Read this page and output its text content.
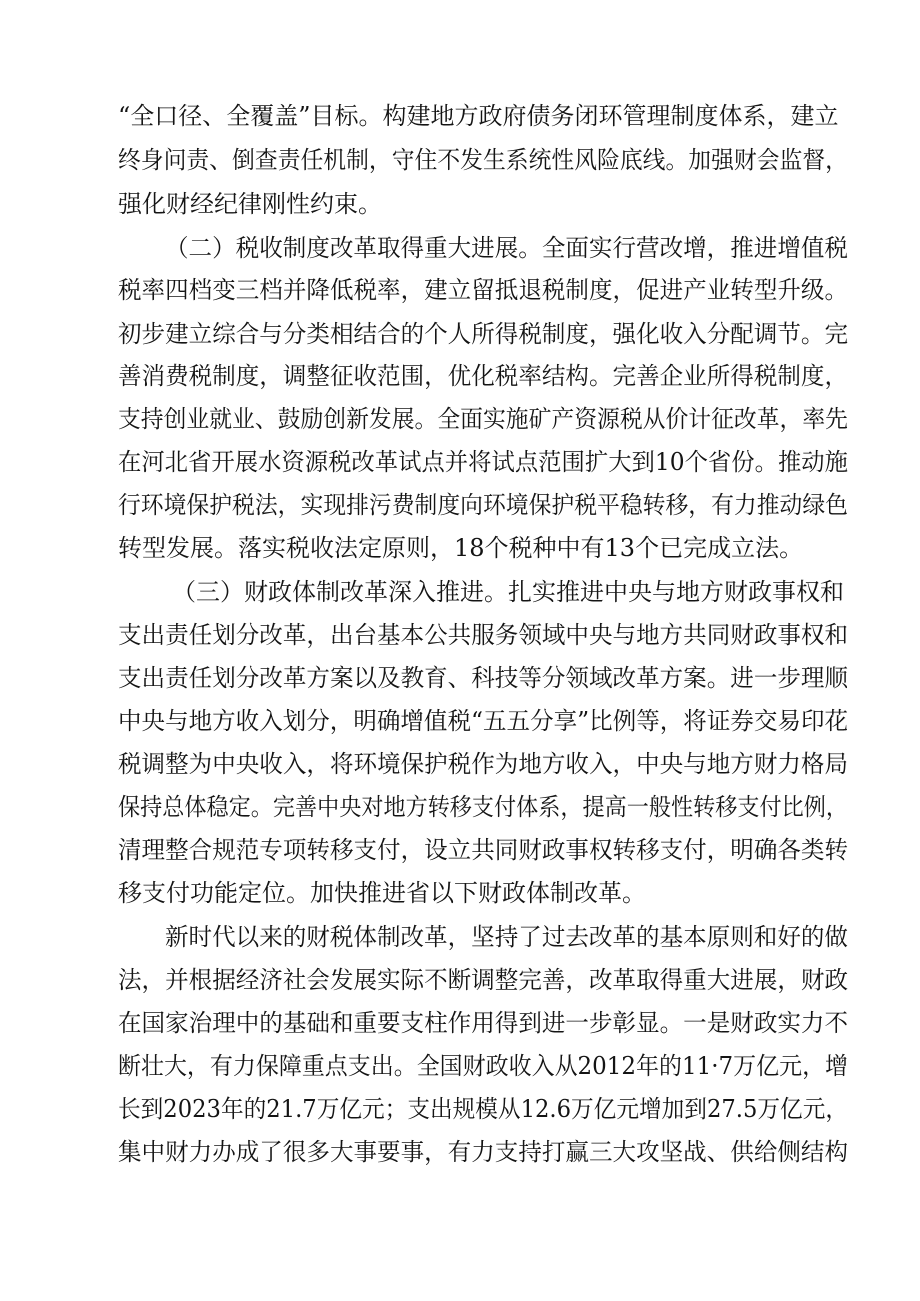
“全口径、全覆盖”目标。构建地方政府债务闭环管理制度体系，建立
终身问责、倒查责任机制，守住不发生系统性风险底线。加强财会监督，
强化财经纪律刚性约束。
（二）税收制度改革取得重大进展。全面实行营改增，推进增值税
税率四档变三档并降低税率，建立留抵退税制度，促进产业转型升级。
初步建立综合与分类相结合的个人所得税制度，强化收入分配调节。完
善消费税制度，调整征收范围，优化税率结构。完善企业所得税制度，
支持创业就业、鼓励创新发展。全面实施矿产资源税从价计征改革，率先
在河北省开展水资源税改革试点并将试点范围扩大到10个省份。推动施
行环境保护税法，实现排污费制度向环境保护税平稳转移，有力推动绿色
转型发展。落实税收法定原则，18个税种中有13个已完成立法。
（三）财政体制改革深入推进。扎实推进中央与地方财政事权和
支出责任划分改革，出台基本公共服务领域中央与地方共同财政事权和
支出责任划分改革方案以及教育、科技等分领域改革方案。进一步理顺
中央与地方收入划分，明确增值税“五五分享”比例等，将证券交易印花
税调整为中央收入，将环境保护税作为地方收入，中央与地方财力格局
保持总体稳定。完善中央对地方转移支付体系，提高一般性转移支付比例，
清理整合规范专项转移支付，设立共同财政事权转移支付，明确各类转
移支付功能定位。加快推进省以下财政体制改革。
新时代以来的财税体制改革，坚持了过去改革的基本原则和好的做
法，并根据经济社会发展实际不断调整完善，改革取得重大进展，财政
在国家治理中的基础和重要支柱作用得到进一步彰显。一是财政实力不
断壮大，有力保障重点支出。全国财政收入从2012年的11·7万亿元，增
长到2023年的21.7万亿元；支出规模从12.6万亿元增加到27.5万亿元，
集中财力办成了很多大事要事，有力支持打赢三大攻坚战、供给侧结构
